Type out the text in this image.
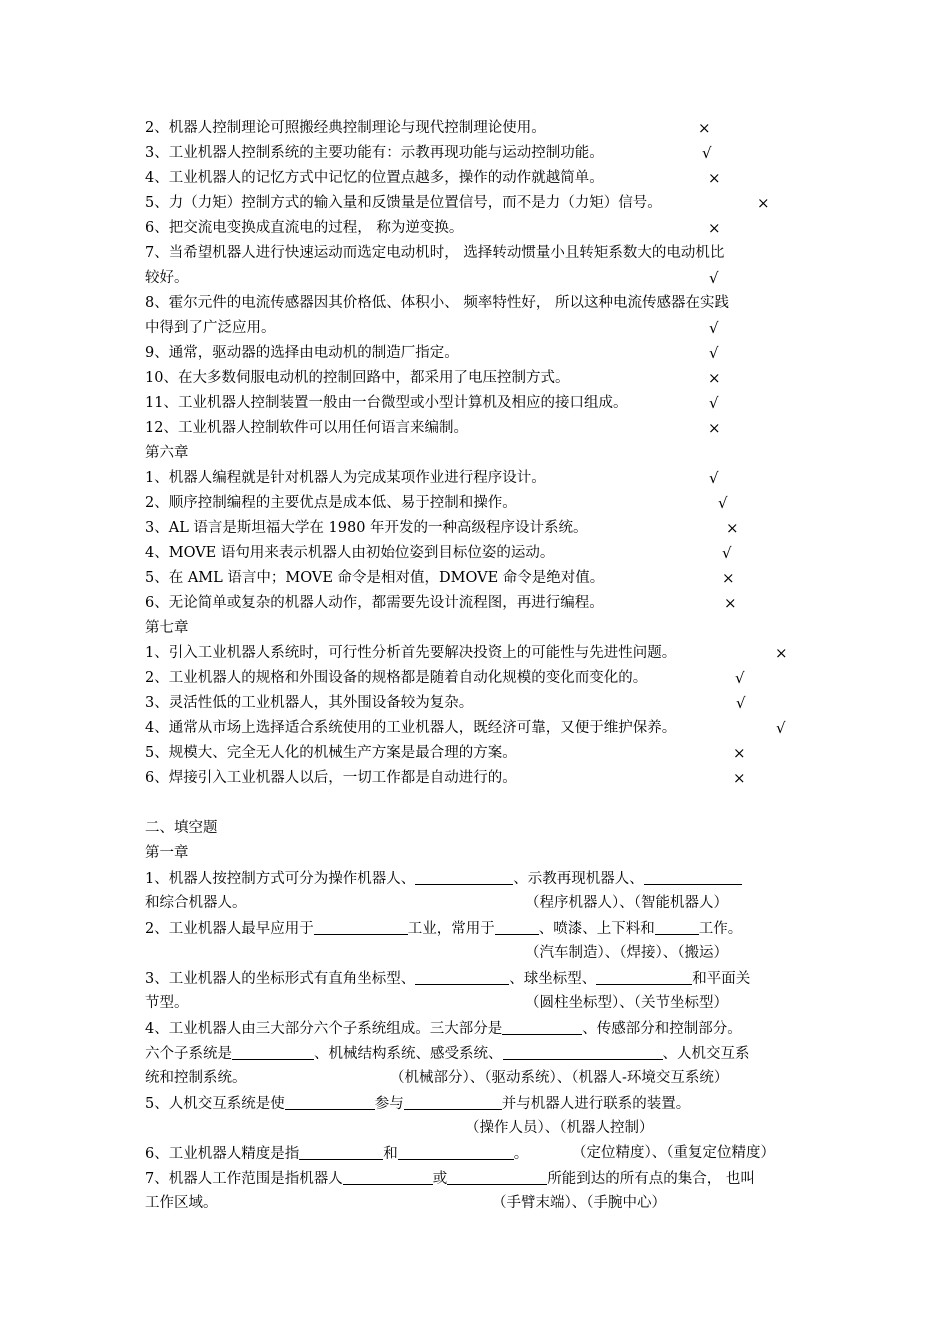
2、机器人控制理论可照搬经典控制理论与现代控制理论使用。	×
3、工业机器人控制系统的主要功能有：示教再现功能与运动控制功能。	√
4、工业机器人的记忆方式中记忆的位置点越多，操作的动作就越简单。	×
5、力（力矩）控制方式的输入量和反馈量是位置信号，而不是力（力矩）信号。	×
6、把交流电变换成直流电的过程， 称为逆变换。	×
7、当希望机器人进行快速运动而选定电动机时， 选择转动惯量小且转矩系数大的电动机比
较好。	√
8、霍尔元件的电流传感器因其价格低、体积小、 频率特性好， 所以这种电流传感器在实践
中得到了广泛应用。	√
9、通常，驱动器的选择由电动机的制造厂指定。	√
10、在大多数伺服电动机的控制回路中，都采用了电压控制方式。	×
11、工业机器人控制装置一般由一台微型或小型计算机及相应的接口组成。	√
12、工业机器人控制软件可以用任何语言来编制。	×
第六章
1、机器人编程就是针对机器人为完成某项作业进行程序设计。	√
2、顺序控制编程的主要优点是成本低、易于控制和操作。	√
3、AL 语言是斯坦福大学在 1980 年开发的一种高级程序设计系统。	×
4、MOVE 语句用来表示机器人由初始位姿到目标位姿的运动。	√
5、在 AML 语言中；MOVE 命令是相对值，DMOVE 命令是绝对值。	×
6、无论简单或复杂的机器人动作，都需要先设计流程图，再进行编程。	×
第七章
1、引入工业机器人系统时，可行性分析首先要解决投资上的可能性与先进性问题。	×
2、工业机器人的规格和外围设备的规格都是随着自动化规模的变化而变化的。	√
3、灵活性低的工业机器人，其外围设备较为复杂。	√
4、通常从市场上选择适合系统使用的工业机器人，既经济可靠，又便于维护保养。	√
5、规模大、完全无人化的机械生产方案是最合理的方案。	×
6、焊接引入工业机器人以后，一切工作都是自动进行的。	×
二、填空题
第一章
1、机器人按控制方式可分为操作机器人、	、示教再现机器人、
和综合机器人。	（程序机器人）、（智能机器人）
2、工业机器人最早应用于	工业，常用于	、喷漆、上下料和	工作。
（汽车制造）、（焊接）、（搬运）
3、工业机器人的坐标形式有直角坐标型、	、球坐标型、	和平面关
节型。	（圆柱坐标型）、（关节坐标型）
4、工业机器人由三大部分六个子系统组成。三大部分是	、传感部分和控制部分。
六个子系统是	、机械结构系统、感受系统、	、人机交互系
统和控制系统。	（机械部分）、（驱动系统）、（机器人-环境交互系统）
5、人机交互系统是使	参与	并与机器人进行联系的装置。
（操作人员）、（机器人控制）
6、工业机器人精度是指	和	。	（定位精度）、（重复定位精度）
7、机器人工作范围是指机器人	或	所能到达的所有点的集合， 也叫
工作区域。	（手臂末端）、（手腕中心）
